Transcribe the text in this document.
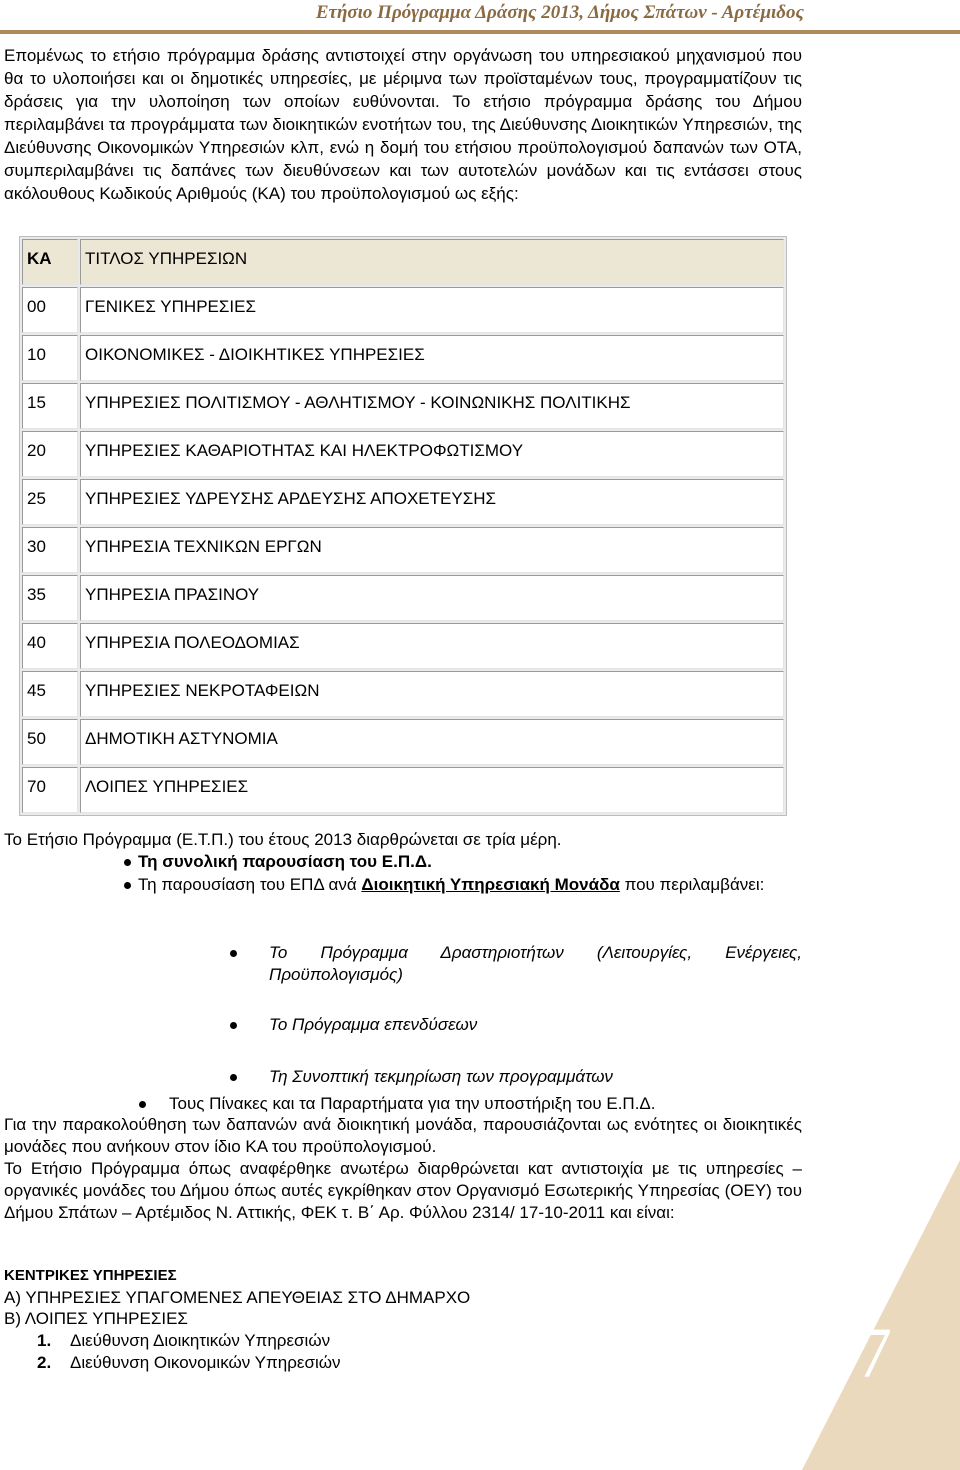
Ετήσιο Πρόγραμμα Δράσης 2013, Δήμος Σπάτων - Αρτέμιδος
7
Επομένως το ετήσιο πρόγραμμα δράσης αντιστοιχεί στην οργάνωση του υπηρεσιακού μηχανισμού που θα το υλοποιήσει και οι δημοτικές υπηρεσίες, με μέριμνα των προϊσταμένων τους, προγραμματίζουν τις δράσεις για την υλοποίηση των οποίων ευθύνονται. Το ετήσιο πρόγραμμα δράσης του Δήμου περιλαμβάνει τα προγράμματα των διοικητικών ενοτήτων του, της Διεύθυνσης Διοικητικών Υπηρεσιών, της Διεύθυνσης Οικονομικών Υπηρεσιών κλπ, ενώ η δομή του ετήσιου προϋπολογισμού δαπανών των ΟΤΑ, συμπεριλαμβάνει τις δαπάνες των διευθύνσεων και των αυτοτελών μονάδων και τις εντάσσει στους ακόλουθους Κωδικούς Αριθμούς (ΚΑ) του προϋπολογισμού ως εξής:
ΚΑ	ΤΙΤΛΟΣ ΥΠΗΡΕΣΙΩΝ
00	ΓΕΝΙΚΕΣ ΥΠΗΡΕΣΙΕΣ
10	ΟΙΚΟΝΟΜΙΚΕΣ - ΔΙΟΙΚΗΤΙΚΕΣ ΥΠΗΡΕΣΙΕΣ
15	ΥΠΗΡΕΣΙΕΣ ΠΟΛΙΤΙΣΜΟΥ - ΑΘΛΗΤΙΣΜΟΥ - ΚΟΙΝΩΝΙΚΗΣ ΠΟΛΙΤΙΚΗΣ
20	ΥΠΗΡΕΣΙΕΣ ΚΑΘΑΡΙΟΤΗΤΑΣ ΚΑΙ ΗΛΕΚΤΡΟΦΩΤΙΣΜΟΥ
25	ΥΠΗΡΕΣΙΕΣ ΥΔΡΕΥΣΗΣ ΑΡΔΕΥΣΗΣ ΑΠΟΧΕΤΕΥΣΗΣ
30	ΥΠΗΡΕΣΙΑ ΤΕΧΝΙΚΩΝ ΕΡΓΩΝ
35	ΥΠΗΡΕΣΙΑ ΠΡΑΣΙΝΟΥ
40	ΥΠΗΡΕΣΙΑ ΠΟΛΕΟΔΟΜΙΑΣ
45	ΥΠΗΡΕΣΙΕΣ ΝΕΚΡΟΤΑΦΕΙΩΝ
50	ΔΗΜΟΤΙΚΗ ΑΣΤΥΝΟΜΙΑ
70	ΛΟΙΠΕΣ ΥΠΗΡΕΣΙΕΣ
Το Ετήσιο Πρόγραμμα (Ε.Τ.Π.) του έτους 2013 διαρθρώνεται σε τρία μέρη.
Τη συνολική παρουσίαση του Ε.Π.Δ.
Τη παρουσίαση του ΕΠΔ ανά Διοικητική Υπηρεσιακή Μονάδα που περιλαμβάνει:
Το Πρόγραμμα Δραστηριοτήτων (Λειτουργίες, Ενέργειες, Προϋπολογισμός)
Το Πρόγραμμα επενδύσεων
Τη Συνοπτική τεκμηρίωση των προγραμμάτων
Τους Πίνακες και τα Παραρτήματα για την υποστήριξη του Ε.Π.Δ.
Για την παρακολούθηση των δαπανών ανά διοικητική μονάδα, παρουσιάζονται ως ενότητες οι διοικητικές μονάδες που ανήκουν στον ίδιο ΚΑ του προϋπολογισμού.
Το Ετήσιο Πρόγραμμα όπως αναφέρθηκε ανωτέρω διαρθρώνεται κατ αντιστοιχία με τις υπηρεσίες – οργανικές μονάδες του Δήμου όπως αυτές εγκρίθηκαν στον Οργανισμό Εσωτερικής Υπηρεσίας (ΟΕΥ) του Δήμου Σπάτων – Αρτέμιδος Ν. Αττικής, ΦΕΚ τ. Β΄ Αρ. Φύλλου 2314/ 17-10-2011 και είναι:
ΚΕΝΤΡΙΚΕΣ ΥΠΗΡΕΣΙΕΣ
Α) ΥΠΗΡΕΣΙΕΣ ΥΠΑΓΟΜΕΝΕΣ ΑΠΕΥΘΕΙΑΣ ΣΤΟ ΔΗΜΑΡΧΟ
Β) ΛΟΙΠΕΣ ΥΠΗΡΕΣΙΕΣ
1. Διεύθυνση Διοικητικών Υπηρεσιών
2. Διεύθυνση Οικονομικών Υπηρεσιών
